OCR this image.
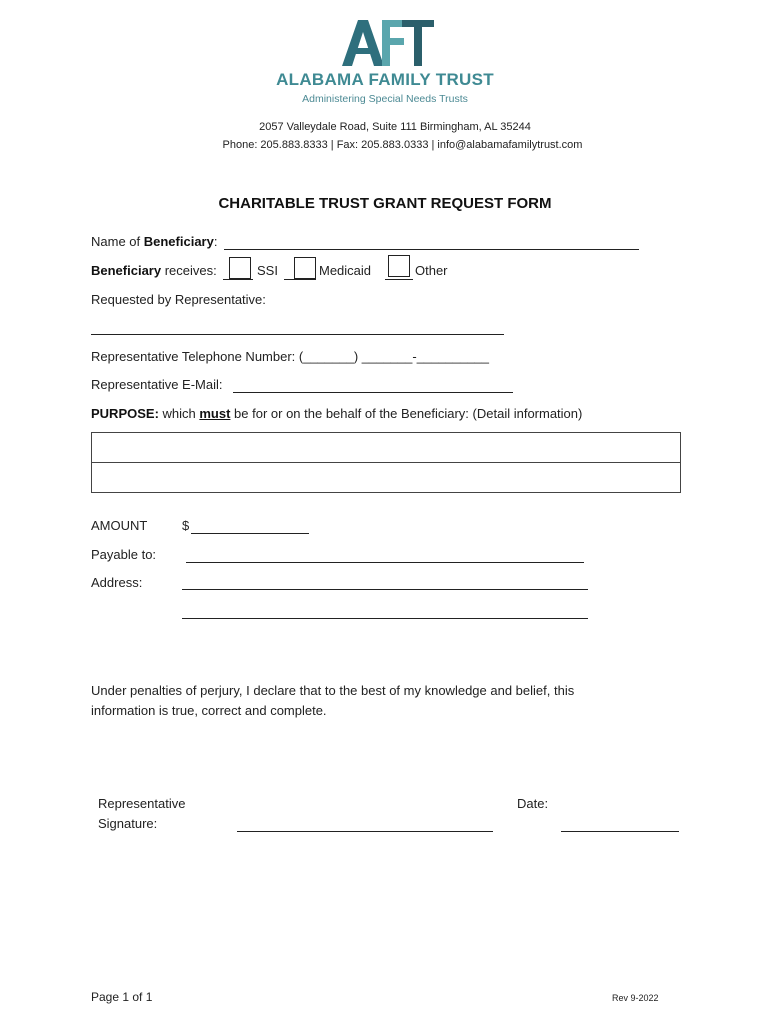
ALABAMA FAMILY TRUST
Administering Special Needs Trusts
2057 Valleydale Road, Suite 111 Birmingham, AL 35244
Phone: 205.883.8333 | Fax: 205.883.0333 | info@alabamafamilytrust.com
CHARITABLE TRUST GRANT REQUEST FORM
Name of Beneficiary:
Beneficiary receives:	SSI	Medicaid	Other
Requested by Representative:
Representative Telephone Number: (_______) _______-__________
Representative E-Mail:
PURPOSE: which must be for or on the behalf of the Beneficiary: (Detail information)
AMOUNT	$
Payable to:
Address:
Under penalties of perjury, I declare that to the best of my knowledge and belief, this
information is true, correct and complete.
Representative
Signature:
Date:
Page 1 of 1	Rev 9-2022
